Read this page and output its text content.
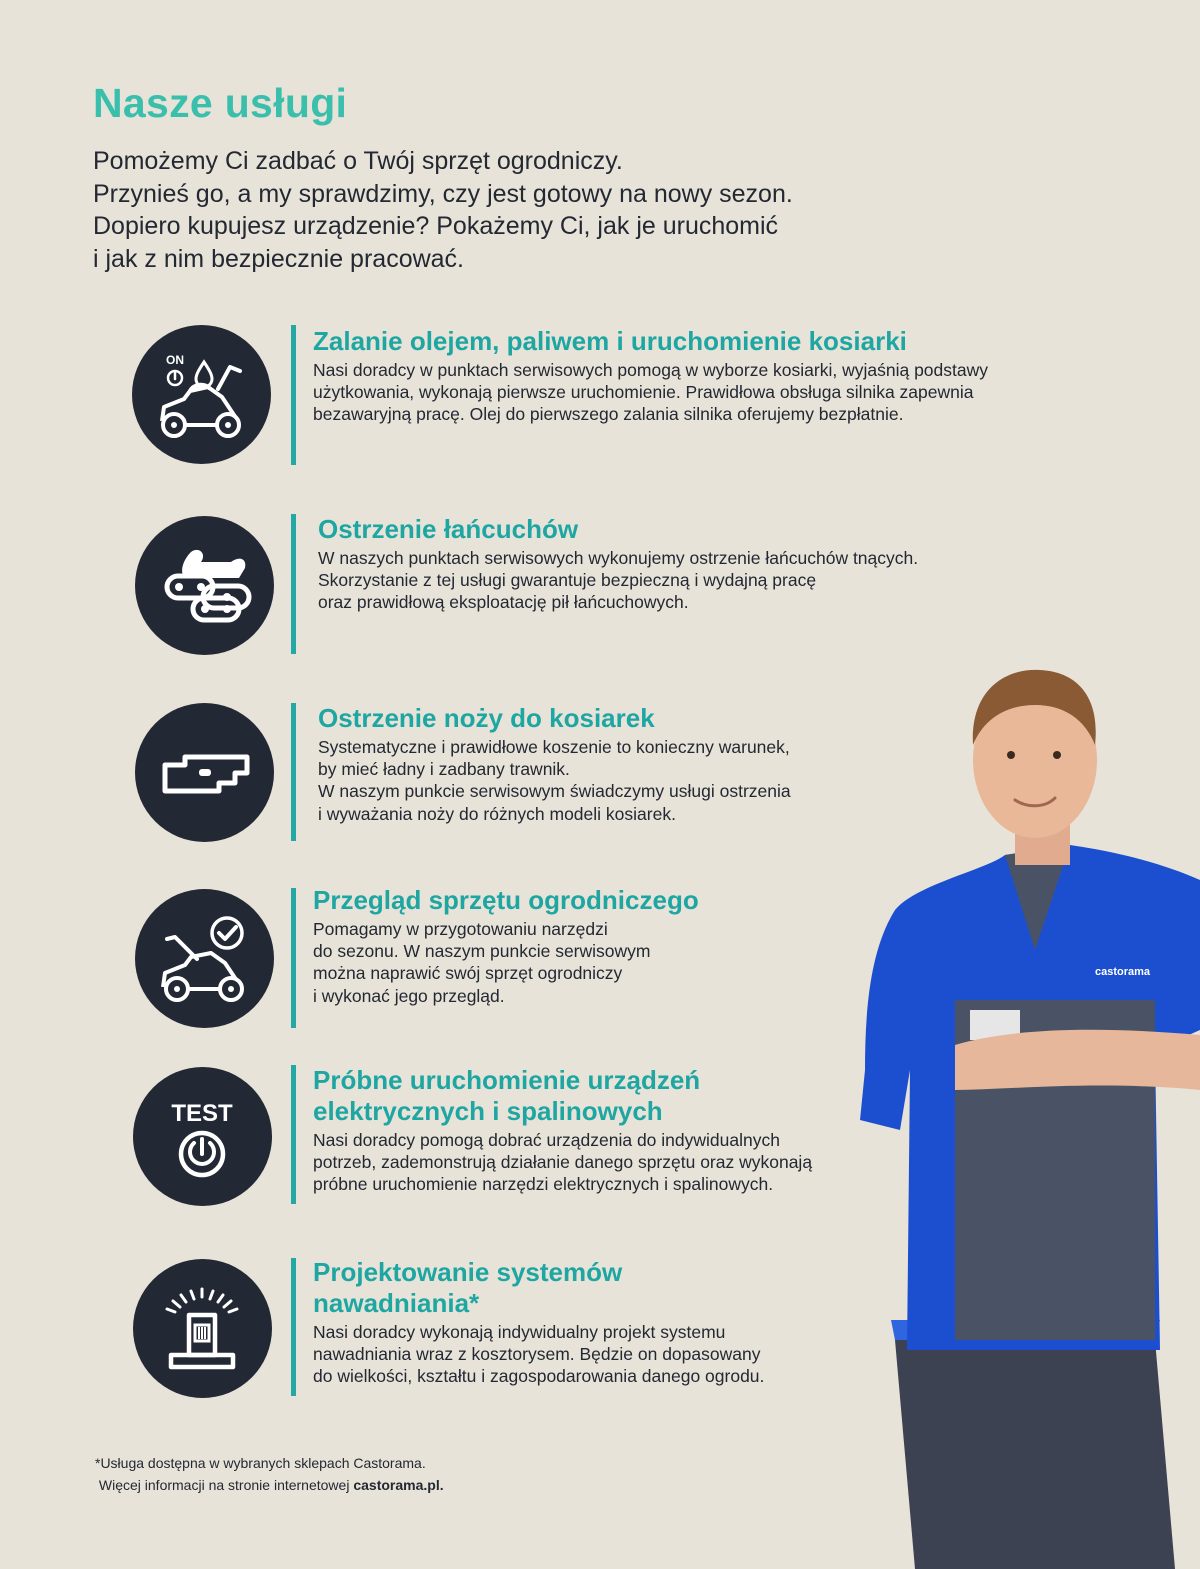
Nasze usługi
Pomożemy Ci zadbać o Twój sprzęt ogrodniczy.
Przynieś go, a my sprawdzimy, czy jest gotowy na nowy sezon.
Dopiero kupujesz urządzenie? Pokażemy Ci, jak je uruchomić
i jak z nim bezpiecznie pracować.
ON
Zalanie olejem, paliwem i uruchomienie kosiarki

Nasi doradcy w punktach serwisowych pomogą w wyborze kosiarki, wyjaśnią podstawy
użytkowania, wykonają pierwsze uruchomienie. Prawidłowa obsługa silnika zapewnia
bezawaryjną pracę. Olej do pierwszego zalania silnika oferujemy bezpłatnie.

Ostrzenie łańcuchów

W naszych punktach serwisowych wykonujemy ostrzenie łańcuchów tnących.
Skorzystanie z tej usługi gwarantuje bezpieczną i wydajną pracę
oraz prawidłową eksploatację pił łańcuchowych.

Ostrzenie noży do kosiarek

Systematyczne i prawidłowe koszenie to konieczny warunek,
by mieć ładny i zadbany trawnik.
W naszym punkcie serwisowym świadczymy usługi ostrzenia
i wyważania noży do różnych modeli kosiarek.

Przegląd sprzętu ogrodniczego

Pomagamy w przygotowaniu narzędzi
do sezonu. W naszym punkcie serwisowym
można naprawić swój sprzęt ogrodniczy
i wykonać jego przegląd.

TEST
Próbne uruchomienie urządzeń
elektrycznych i spalinowych

Nasi doradcy pomogą dobrać urządzenia do indywidualnych
potrzeb, zademonstrują działanie danego sprzętu oraz wykonają
próbne uruchomienie narzędzi elektrycznych i spalinowych.

Projektowanie systemów
nawadniania*

Nasi doradcy wykonają indywidualny projekt systemu
nawadniania wraz z kosztorysem. Będzie on dopasowany
do wielkości, kształtu i zagospodarowania danego ogrodu.

*Usługa dostępna w wybranych sklepach Castorama.
Więcej informacji na stronie internetowej castorama.pl.
castorama
